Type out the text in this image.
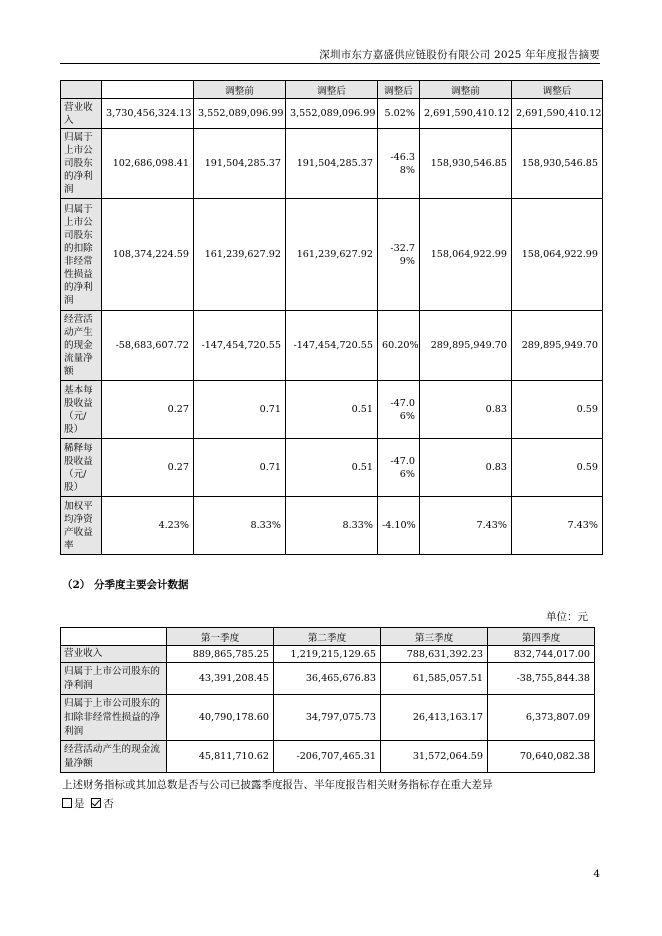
深圳市东方嘉盛供应链股份有限公司 2025 年年度报告摘要
		调整前	调整后	调整后	调整前	调整后
营业收入	3,730,456,324.13	3,552,089,096.99	3,552,089,096.99	5.02%	2,691,590,410.12	2,691,590,410.12
归属于上市公司股东的净利润	102,686,098.41	191,504,285.37	191,504,285.37	-46.38%	158,930,546.85	158,930,546.85
归属于上市公司股东的扣除非经常性损益的净利润	108,374,224.59	161,239,627.92	161,239,627.92	-32.79%	158,064,922.99	158,064,922.99
经营活动产生的现金流量净额	-58,683,607.72	-147,454,720.55	-147,454,720.55	60.20%	289,895,949.70	289,895,949.70
基本每股收益（元/股）	0.27	0.71	0.51	-47.06%	0.83	0.59
稀释每股收益（元/股）	0.27	0.71	0.51	-47.06%	0.83	0.59
加权平均净资产收益率	4.23%	8.33%	8.33%	-4.10%	7.43%	7.43%
（2） 分季度主要会计数据
单位：元
	第一季度	第二季度	第三季度	第四季度
营业收入	889,865,785.25	1,219,215,129.65	788,631,392.23	832,744,017.00
归属于上市公司股东的净利润	43,391,208.45	36,465,676.83	61,585,057.51	-38,755,844.38
归属于上市公司股东的扣除非经常性损益的净利润	40,790,178.60	34,797,075.73	26,413,163.17	6,373,807.09
经营活动产生的现金流量净额	45,811,710.62	-206,707,465.31	31,572,064.59	70,640,082.38
上述财务指标或其加总数是否与公司已披露季度报告、半年度报告相关财务指标存在重大差异
是 否
4
